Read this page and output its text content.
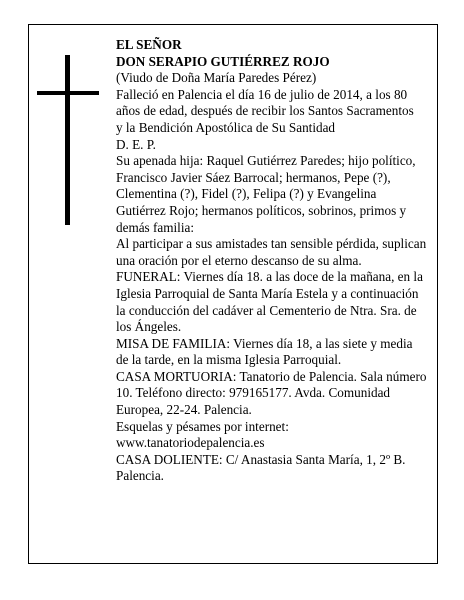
EL SEÑOR

DON SERAPIO GUTIÉRREZ ROJO

(Viudo de Doña María Paredes Pérez)

Falleció en Palencia el día 16 de julio de 2014, a los 80 años de edad, después de recibir los Santos Sacramentos

y la Bendición Apostólica de Su Santidad

D. E. P.

Su apenada hija: Raquel Gutiérrez Paredes; hijo político, Francisco Javier Sáez Barrocal; hermanos, Pepe (?), Clementina (?), Fidel (?), Felipa (?) y Evangelina Gutiérrez Rojo; hermanos políticos, sobrinos, primos y demás familia:

Al participar a sus amistades tan sensible pérdida, suplican una oración por el eterno descanso de su alma.

FUNERAL: Viernes día 18. a las doce de la mañana, en la Iglesia Parroquial de Santa María Estela y a continuación la conducción del cadáver al Cementerio de Ntra. Sra. de los Ángeles.

MISA DE FAMILIA: Viernes día 18, a las siete y media de la tarde, en la misma Iglesia Parroquial.

CASA MORTUORIA: Tanatorio de Palencia. Sala número 10. Teléfono directo: 979165177. Avda. Comunidad Europea, 22-24. Palencia.

Esquelas y pésames por internet:

www.tanatoriodepalencia.es

CASA DOLIENTE: C/ Anastasia Santa María, 1, 2º B. Palencia.
